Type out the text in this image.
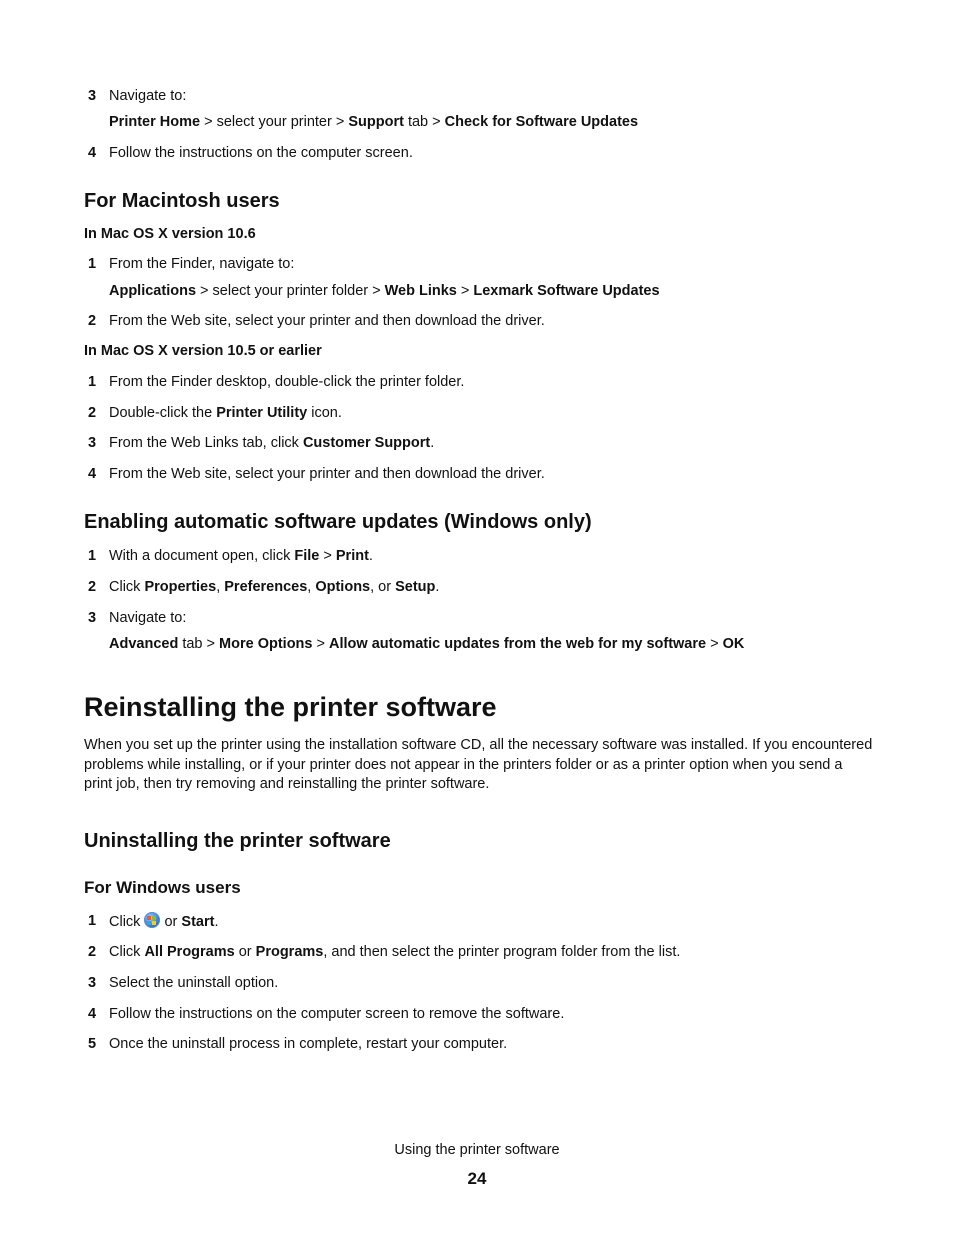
3 Navigate to:
Printer Home > select your printer > Support tab > Check for Software Updates
4 Follow the instructions on the computer screen.
For Macintosh users
In Mac OS X version 10.6
1 From the Finder, navigate to:
Applications > select your printer folder > Web Links > Lexmark Software Updates
2 From the Web site, select your printer and then download the driver.
In Mac OS X version 10.5 or earlier
1 From the Finder desktop, double-click the printer folder.
2 Double-click the Printer Utility icon.
3 From the Web Links tab, click Customer Support.
4 From the Web site, select your printer and then download the driver.
Enabling automatic software updates (Windows only)
1 With a document open, click File > Print.
2 Click Properties, Preferences, Options, or Setup.
3 Navigate to:
Advanced tab > More Options > Allow automatic updates from the web for my software > OK
Reinstalling the printer software
When you set up the printer using the installation software CD, all the necessary software was installed. If you encountered problems while installing, or if your printer does not appear in the printers folder or as a printer option when you send a print job, then try removing and reinstalling the printer software.
Uninstalling the printer software
For Windows users
1 Click
or Start.
2 Click All Programs or Programs, and then select the printer program folder from the list.
3 Select the uninstall option.
4 Follow the instructions on the computer screen to remove the software.
5 Once the uninstall process in complete, restart your computer.
Using the printer software
24
